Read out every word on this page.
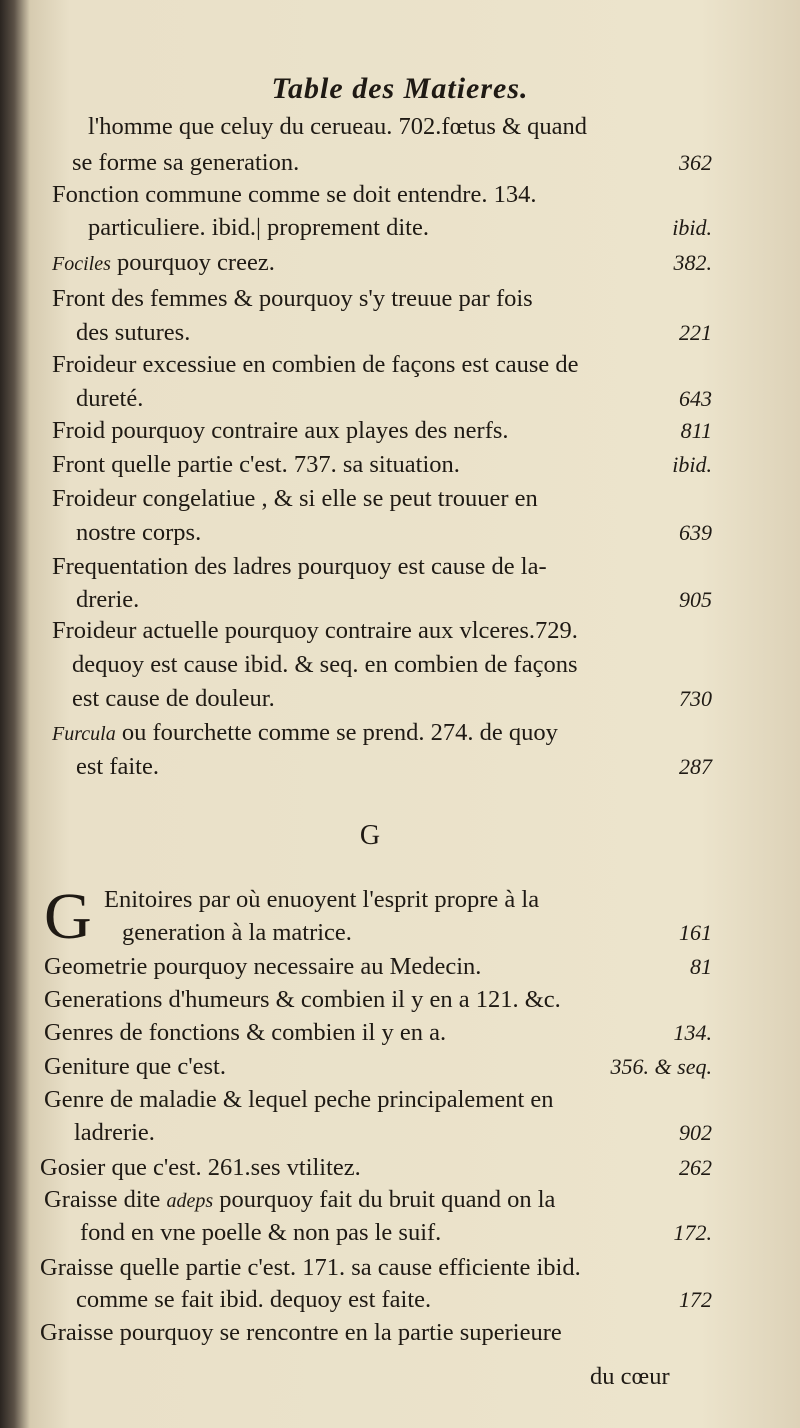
Table des Matieres.
l'homme que celuy du cerueau. 702.fœtus & quand
se forme sa generation.	362
Fonction commune comme se doit entendre. 134.
particuliere. ibid.| proprement dite.	ibid.
Fociles pourquoy creez.	382.
Front des femmes & pourquoy s'y treuue par fois
des sutures.	221
Froideur excessiue en combien de façons est cause de
dureté.	643
Froid pourquoy contraire aux playes des nerfs.	811
Front quelle partie c'est. 737. sa situation.	ibid.
Froideur congelatiue , & si elle se peut trouuer en
nostre corps.	639
Frequentation des ladres pourquoy est cause de la-
drerie.	905
Froideur actuelle pourquoy contraire aux vlceres.729.
dequoy est cause ibid. & seq. en combien de façons
est cause de douleur.	730
Furcula ou fourchette comme se prend. 274. de quoy
est faite.	287
Enitoires par où enuoyent l'esprit propre à la
generation à la matrice.	161
Geometrie pourquoy necessaire au Medecin.	81
Generations d'humeurs & combien il y en a 121. &c.
Genres de fonctions & combien il y en a.	134.
Geniture que c'est.	356. & seq.
Genre de maladie & lequel peche principalement en
ladrerie.	902
Gosier que c'est. 261.ses vtilitez.	262
Graisse dite adeps pourquoy fait du bruit quand on la
fond en vne poelle & non pas le suif.	172.
Graisse quelle partie c'est. 171. sa cause efficiente ibid.
comme se fait ibid. dequoy est faite.	172
Graisse pourquoy se rencontre en la partie superieure
du cœur
G
G
